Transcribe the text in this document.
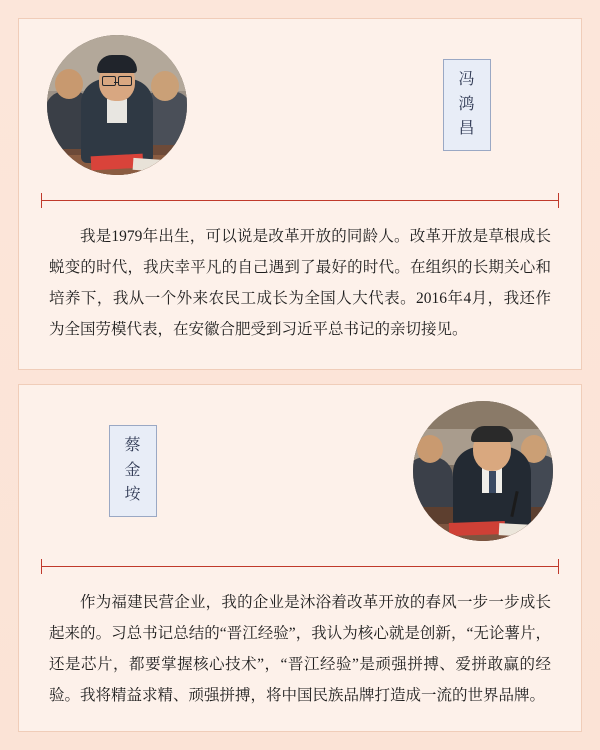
冯
鸿
昌
我是1979年出生，可以说是改革开放的同龄人。改革开放是草根成长蜕变的时代，我庆幸平凡的自己遇到了最好的时代。在组织的长期关心和培养下，我从一个外来农民工成长为全国人大代表。2016年4月，我还作为全国劳模代表，在安徽合肥受到习近平总书记的亲切接见。
蔡
金
垵
作为福建民营企业，我的企业是沐浴着改革开放的春风一步一步成长起来的。习总书记总结的“晋江经验”，我认为核心就是创新，“无论薯片，还是芯片，都要掌握核心技术”，“晋江经验”是顽强拼搏、爱拼敢赢的经验。我将精益求精、顽强拼搏，将中国民族品牌打造成一流的世界品牌。
